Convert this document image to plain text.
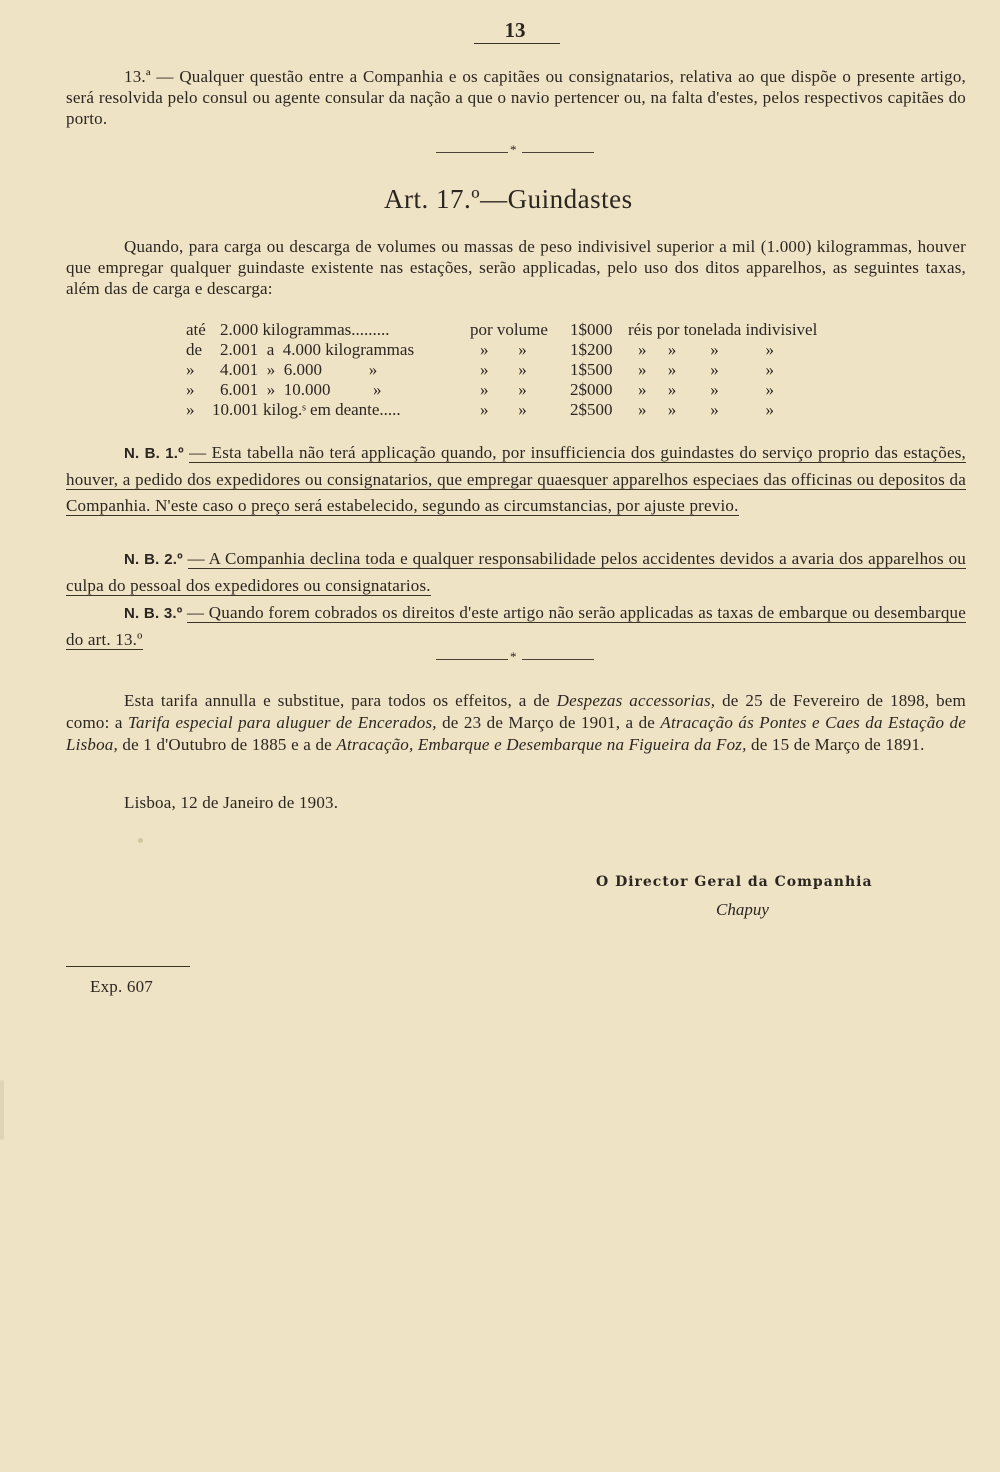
13
13.ª — Qualquer questão entre a Companhia e os capitães ou consignatarios, relativa ao que dispõe o presente artigo, será resolvida pelo consul ou agente consular da nação a que o navio pertencer ou, na falta d'estes, pelos respectivos capitães do porto.
*
Art. 17.º—Guindastes
Quando, para carga ou descarga de volumes ou massas de peso indivisivel superior a mil (1.000) kilogrammas, houver que empregar qualquer guindaste existente nas estações, serão applicadas, pelo uso dos ditos apparelhos, as seguintes taxas, além das de carga e descarga:
até 2.000 kilogrammas.........	por volume 1$000 réis por tonelada indivisivel
de 2.001  a  4.000 kilogrammas	»       »	1$200 »     »        »           »
» 4.001  »  6.000           »	»       »	1$500 »     »        »           »
» 6.001  »  10.000          »	»       »	2$000 »     »        »           »
» 10.001 kilog.ˢ em deante.....	»       »	2$500 »     »        »           »
N. B. 1.º — Esta tabella não terá applicação quando, por insufficiencia dos guindastes do serviço proprio das estações, houver, a pedido dos expedidores ou consignatarios, que empregar quaesquer apparelhos especiaes das officinas ou depositos da Companhia. N'este caso o preço será estabelecido, segundo as circumstancias, por ajuste previo.
N. B. 2.º — A Companhia declina toda e qualquer responsabilidade pelos accidentes devidos a avaria dos apparelhos ou culpa do pessoal dos expedidores ou consignatarios.
N. B. 3.º — Quando forem cobrados os direitos d'este artigo não serão applicadas as taxas de embarque ou desembarque do art. 13.º
*
Esta tarifa annulla e substitue, para todos os effeitos, a de Despezas accessorias, de 25 de Fevereiro de 1898, bem como: a Tarifa especial para aluguer de Encerados, de 23 de Março de 1901, a de Atracação ás Pontes e Caes da Estação de Lisboa, de 1 d'Outubro de 1885 e a de Atracação, Embarque e Desembarque na Figueira da Foz, de 15 de Março de 1891.
Lisboa, 12 de Janeiro de 1903.
O Director Geral da Companhia
Chapuy
Exp. 607
